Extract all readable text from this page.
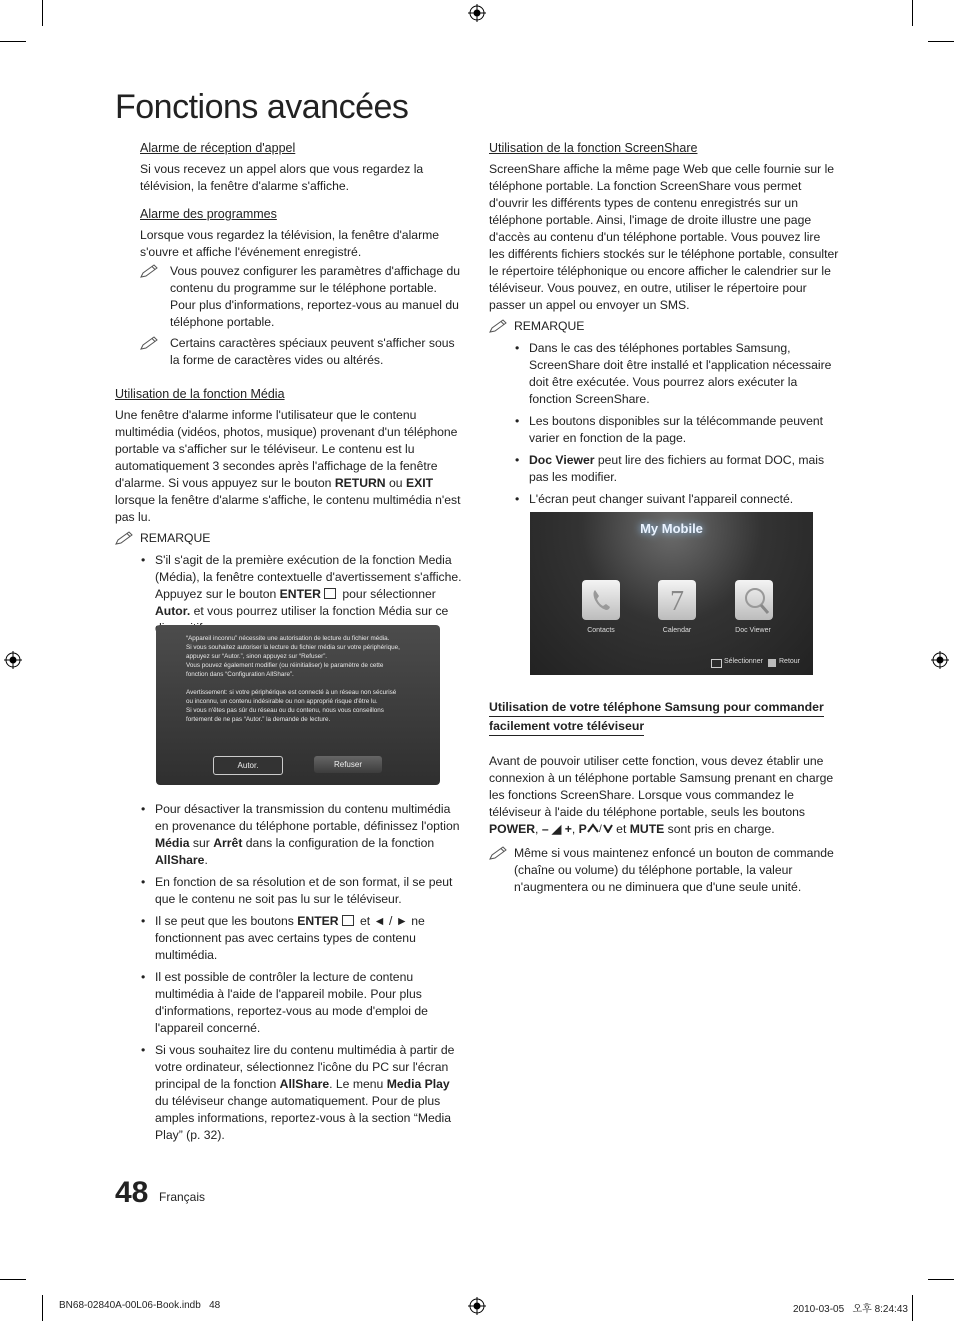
Fonctions avancées

Alarme de réception d'appel

Si vous recevez un appel alors que vous regardez la télévision, la fenêtre d'alarme s'affiche.

Alarme des programmes

Lorsque vous regardez la télévision, la fenêtre d'alarme s'ouvre et affiche l'événement enregistré.

Vous pouvez configurer les paramètres d'affichage du contenu du programme sur le téléphone portable. Pour plus d'informations, reportez-vous au manuel du téléphone portable.
Certains caractères spéciaux peuvent s'afficher sous la forme de caractères vides ou altérés.

Utilisation de la fonction Média

Une fenêtre d'alarme informe l'utilisateur que le contenu multimédia (vidéos, photos, musique) provenant d'un téléphone portable va s'afficher sur le téléviseur. Le contenu est lu automatiquement 3 secondes après l'affichage de la fenêtre d'alarme. Si vous appuyez sur le bouton RETURN ou EXIT lorsque la fenêtre d'alarme s'affiche, le contenu multimédia n'est pas lu.

REMARQUE
• S'il s'agit de la première exécution de la fonction Media (Média), la fenêtre contextuelle d'avertissement s'affiche. Appuyez sur le bouton ENTER pour sélectionner Autor. et vous pourrez utiliser la fonction Média sur ce
“Appareil inconnu” nécessite une autorisation de lecture du fichier média.
Si vous souhaitez autoriser la lecture du fichier média sur votre périphérique,
appuyez sur “Autor.”, sinon appuyez sur “Refuser”.
Vous pouvez également modifier (ou réinitialiser) le paramètre de cette
fonction dans “Configuration AllShare”.
Avertissement: si votre périphérique est connecté à un réseau non sécurisé
ou inconnu, un contenu indésirable ou non approprié risque d'être lu.
Si vous n'êtes pas sûr du réseau ou du contenu, nous vous conseillons
fortement de ne pas “Autor.” la demande de lecture.
Autor.	Refuser
• Pour désactiver la transmission du contenu multimédia en provenance du téléphone portable, définissez l'option Média sur Arrêt dans la configuration de la fonction AllShare.
• En fonction de sa résolution et de son format, il se peut que le contenu ne soit pas lu sur le téléviseur.
• Il se peut que les boutons ENTER et ◄ / ► ne fonctionnent pas avec certains types de contenu multimédia.
• Il est possible de contrôler la lecture de contenu multimédia à l'aide de l'appareil mobile. Pour plus d'informations, reportez-vous au mode d'emploi de l'appareil concerné.
• Si vous souhaitez lire du contenu multimédia à partir de votre ordinateur, sélectionnez l'icône du PC sur l'écran principal de la fonction AllShare. Le menu Media Play du téléviseur change automatiquement. Pour de plus amples informations, reportez-vous à la section “Media Play” (p. 32).

Utilisation de la fonction ScreenShare

ScreenShare affiche la même page Web que celle fournie sur le téléphone portable. La fonction ScreenShare vous permet d'ouvrir les différents types de contenu enregistrés sur un téléphone portable. Ainsi, l'image de droite illustre une page d'accès au contenu d'un téléphone portable. Vous pouvez lire les différents fichiers stockés sur le téléphone portable, consulter le répertoire téléphonique ou encore afficher le calendrier sur le téléviseur. Vous pouvez, en outre, utiliser le répertoire pour passer un appel ou envoyer un SMS.

REMARQUE
• Dans le cas des téléphones portables Samsung, ScreenShare doit être installé et l'application nécessaire doit être exécutée. Vous pourrez alors exécuter la fonction ScreenShare.
• Les boutons disponibles sur la télécommande peuvent varier en fonction de la page.
• Doc Viewer peut lire des fichiers au format DOC, mais pas les modifier.
• L'écran peut changer suivant l'appareil connecté.
My Mobile
Contacts
7
Calendar	Doc Viewer
Sélectionner Retour
Utilisation de votre téléphone Samsung pour commander
facilement votre téléviseur

Avant de pouvoir utiliser cette fonction, vous devez établir une connexion à un téléphone portable Samsung prenant en charge les fonctions ScreenShare. Lorsque vous commandez le téléviseur à l'aide du téléphone portable, seuls les boutons POWER, – ◢ +, P / et MUTE sont pris en charge.

Même si vous maintenez enfoncé un bouton de commande (chaîne ou volume) du téléphone portable, la valeur n'augmentera ou ne diminuera que d'une seule unité.
48 Français
BN68-02840A-00L06-Book.indb   48	2010-03-05   오후 8:24:43
